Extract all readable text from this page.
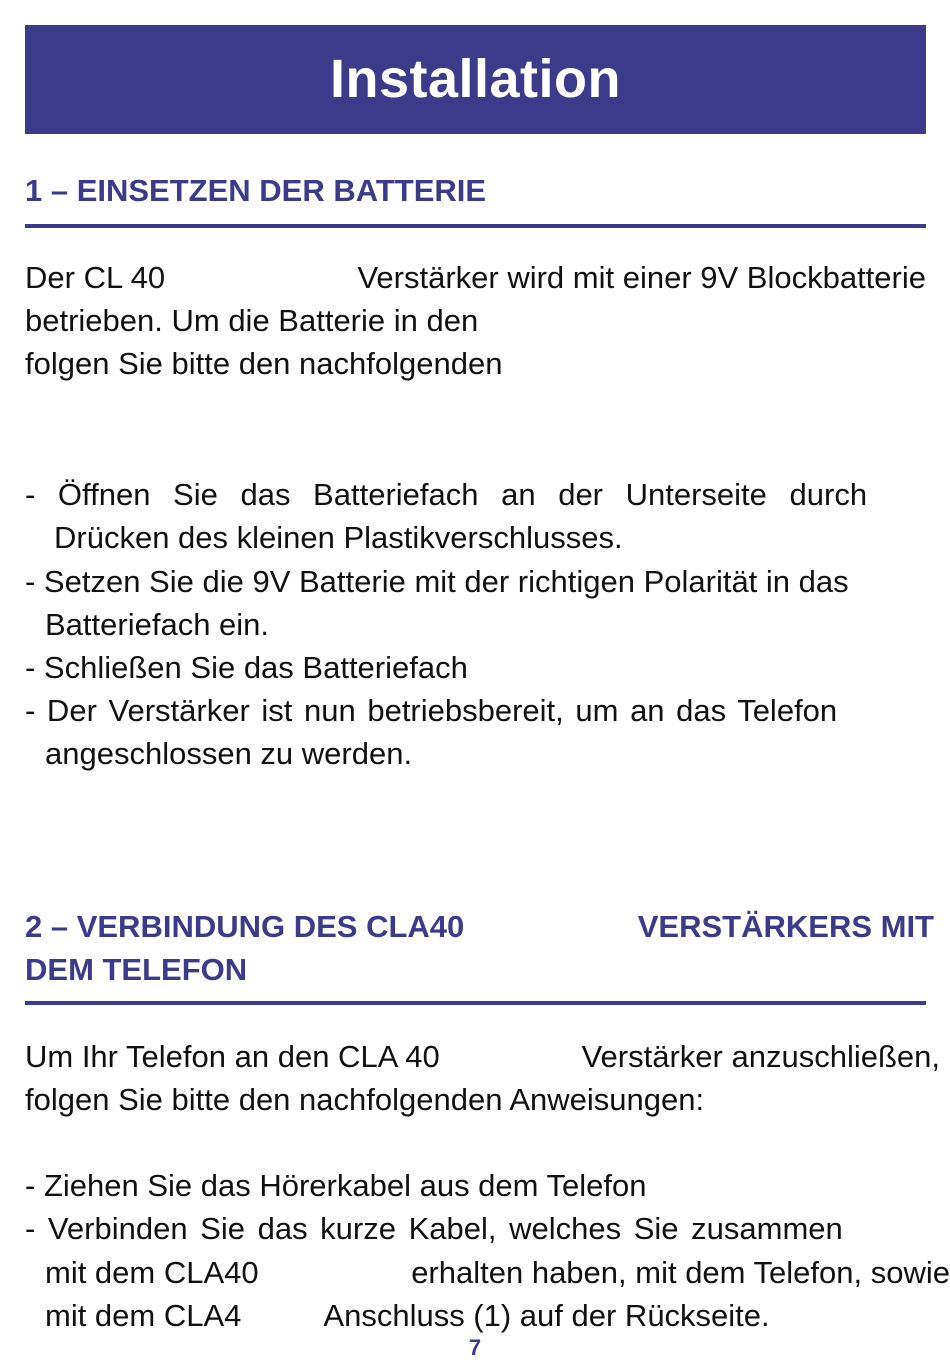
Installation
1 – EINSETZEN DER BATTERIE
Der CL 40	Verstärker wird mit einer 9V Blockbatterie
betrieben. Um die Batterie in den
folgen Sie bitte den nachfolgenden
- Öffnen Sie das Batteriefach an der Unterseite durch
Drücken des kleinen Plastikverschlusses.
- Setzen Sie die 9V Batterie mit der richtigen Polarität in das
Batteriefach ein.
- Schließen Sie das Batteriefach
- Der Verstärker ist nun betriebsbereit, um an das Telefon
angeschlossen zu werden.
2 – VERBINDUNG DES CLA40	VERSTÄRKERS MIT
DEM TELEFON
Um Ihr Telefon an den CLA 40	Verstärker anzuschließen,
folgen Sie bitte den nachfolgenden Anweisungen:
- Ziehen Sie das Hörerkabel aus dem Telefon
- Verbinden Sie das kurze Kabel, welches Sie zusammen
mit dem CLA40	erhalten haben, mit dem Telefon, sowie
mit dem CLA4	Anschluss (1) auf der Rückseite.
7
